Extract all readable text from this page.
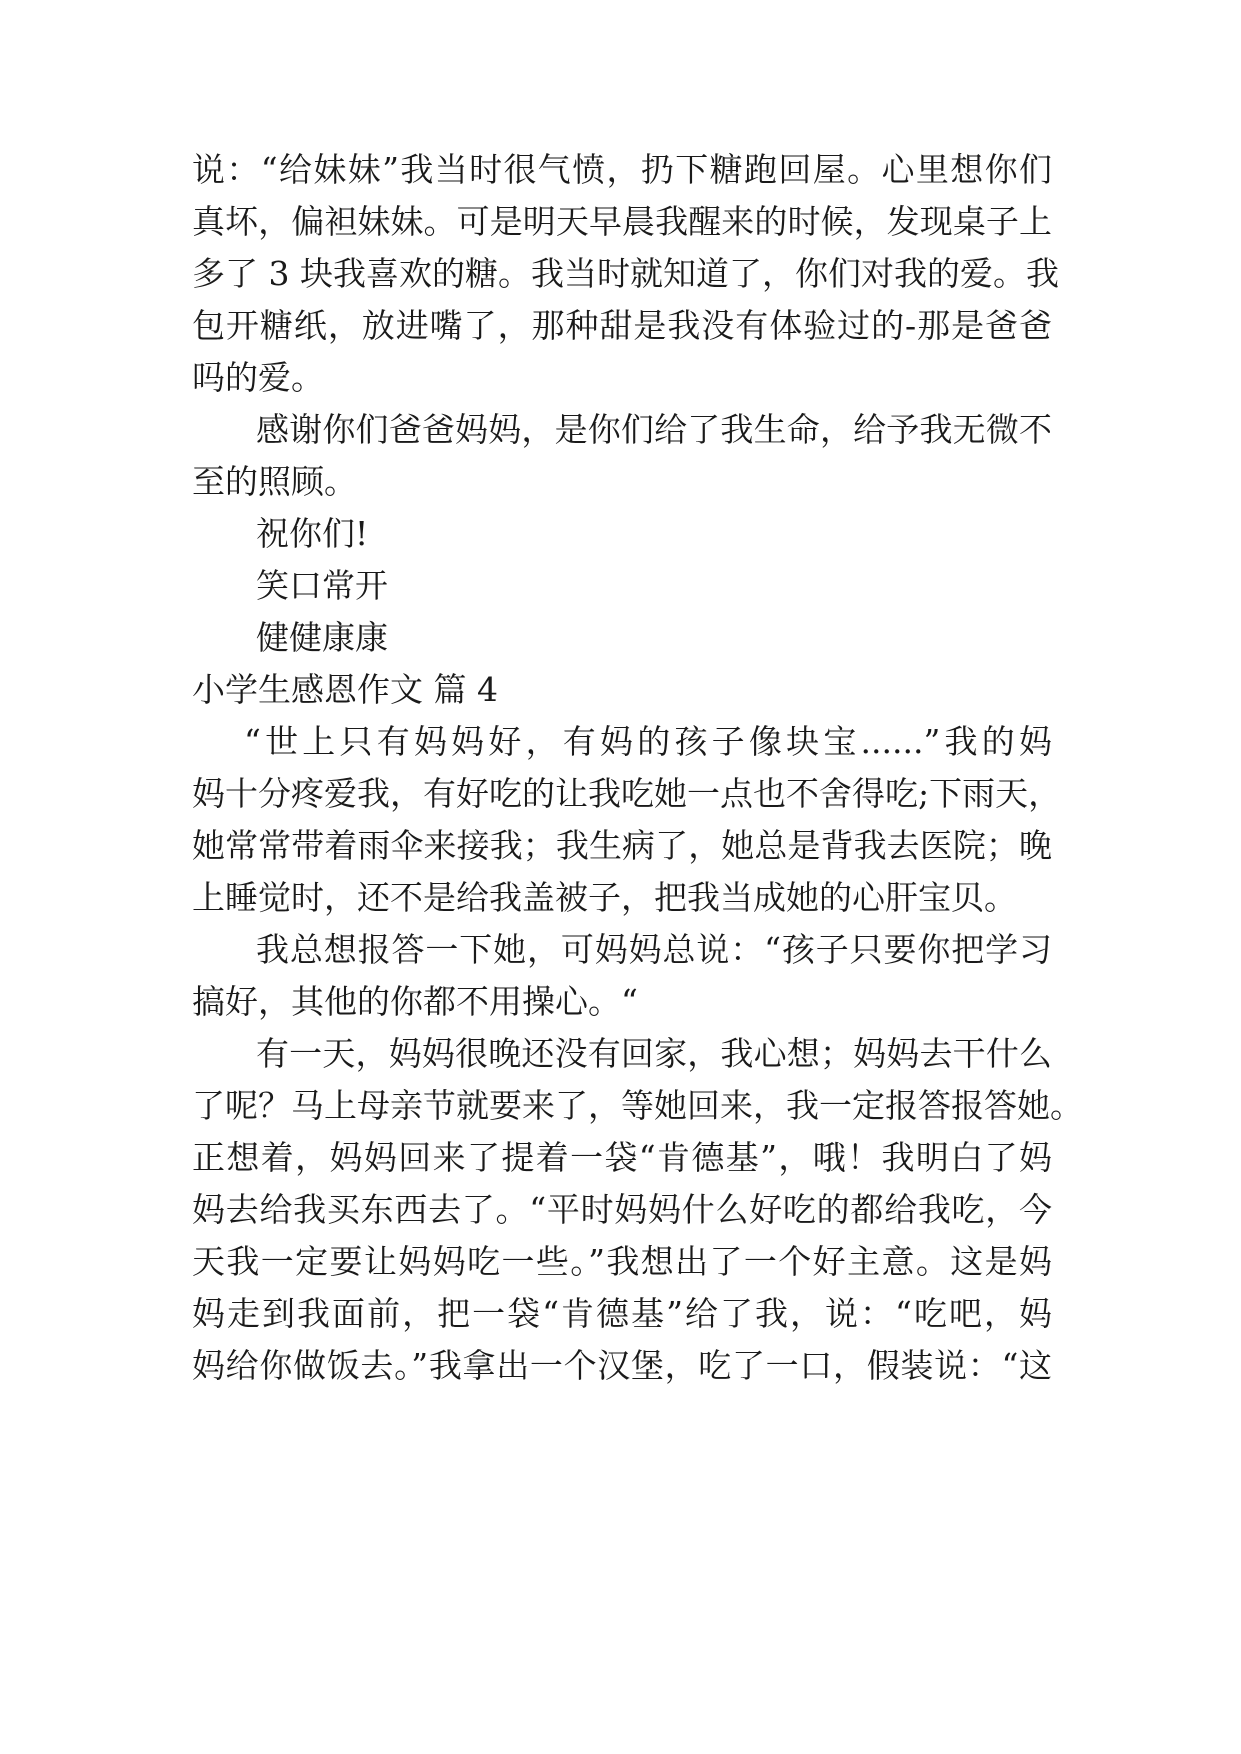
说：“给妹妹”我当时很气愤，扔下糖跑回屋。心里想你们
真坏，偏袒妹妹。可是明天早晨我醒来的时候，发现桌子上
多了 3 块我喜欢的糖。我当时就知道了，你们对我的爱。我
包开糖纸，放进嘴了，那种甜是我没有体验过的-那是爸爸
吗的爱。
感谢你们爸爸妈妈，是你们给了我生命，给予我无微不
至的照顾。
祝你们!
笑口常开
健健康康
小学生感恩作文 篇 4
“世上只有妈妈好，有妈的孩子像块宝......”我的妈
妈十分疼爱我，有好吃的让我吃她一点也不舍得吃;下雨天，
她常常带着雨伞来接我；我生病了，她总是背我去医院；晚
上睡觉时，还不是给我盖被子，把我当成她的心肝宝贝。
我总想报答一下她，可妈妈总说：“孩子只要你把学习
搞好，其他的你都不用操心。“
有一天，妈妈很晚还没有回家，我心想；妈妈去干什么
了呢？马上母亲节就要来了，等她回来，我一定报答报答她。
正想着，妈妈回来了提着一袋“肯德基”，哦！我明白了妈
妈去给我买东西去了。“平时妈妈什么好吃的都给我吃，今
天我一定要让妈妈吃一些。”我想出了一个好主意。这是妈
妈走到我面前，把一袋“肯德基”给了我，说：“吃吧，妈
妈给你做饭去。”我拿出一个汉堡，吃了一口，假装说：“这
